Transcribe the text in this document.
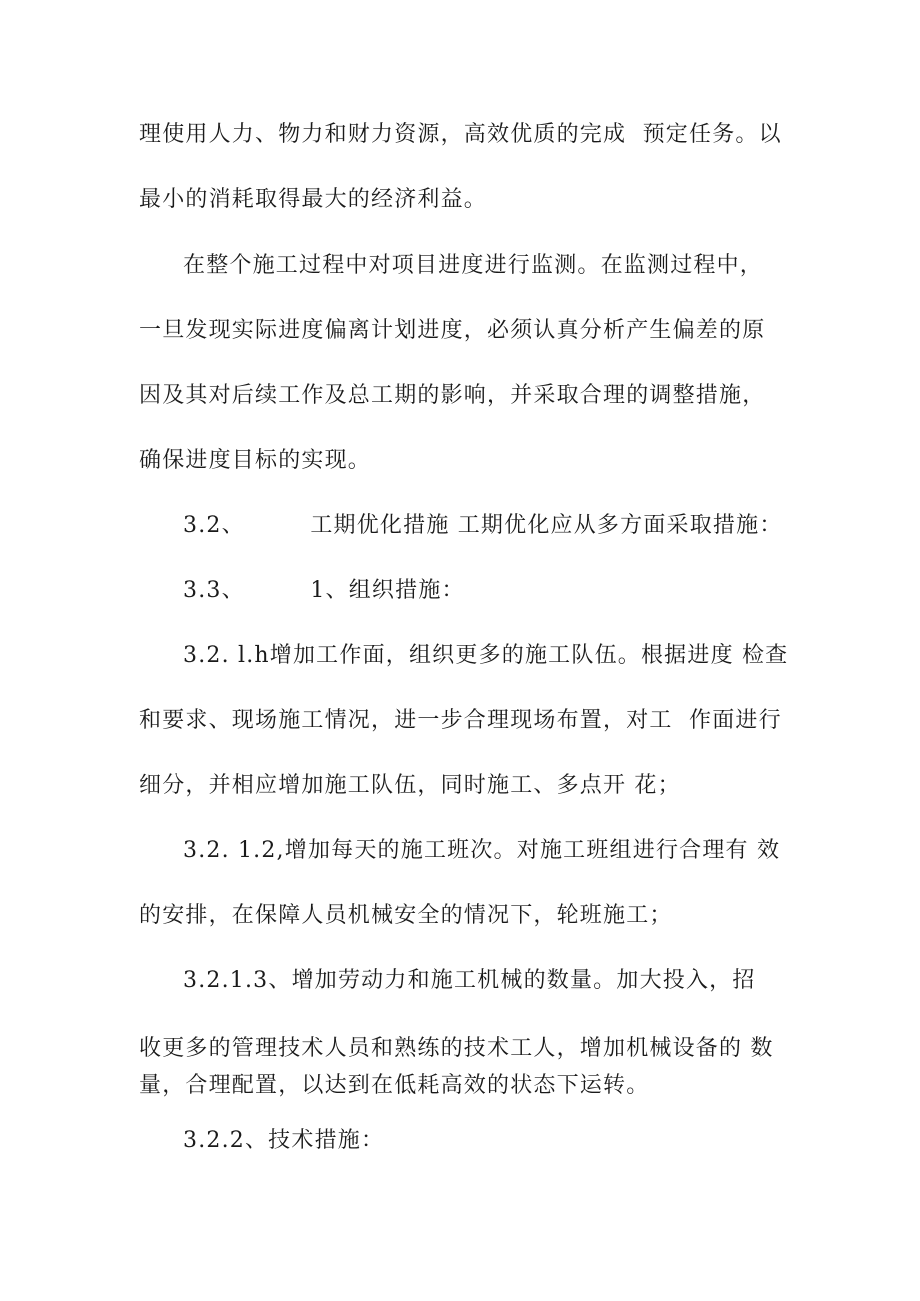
理使用人力、物力和财力资源，高效优质的完成  预定任务。以
最小的消耗取得最大的经济利益。
在整个施工过程中对项目进度进行监测。在监测过程中，
一旦发现实际进度偏离计划进度，必须认真分析产生偏差的原
因及其对后续工作及总工期的影响，并采取合理的调整措施，
确保进度目标的实现。
3.2、        工期优化措施 工期优化应从多方面采取措施：
3.3、        1、组织措施：
3.2. l.h增加工作面，组织更多的施工队伍。根据进度 检查
和要求、现场施工情况，进一步合理现场布置，对工  作面进行
细分，并相应增加施工队伍，同时施工、多点开 花；
3.2. 1.2,增加每天的施工班次。对施工班组进行合理有 效
的安排，在保障人员机械安全的情况下，轮班施工；
3.2.1.3、增加劳动力和施工机械的数量。加大投入，招
收更多的管理技术人员和熟练的技术工人，增加机械设备的 数
量，合理配置，以达到在低耗高效的状态下运转。
3.2.2、技术措施：
